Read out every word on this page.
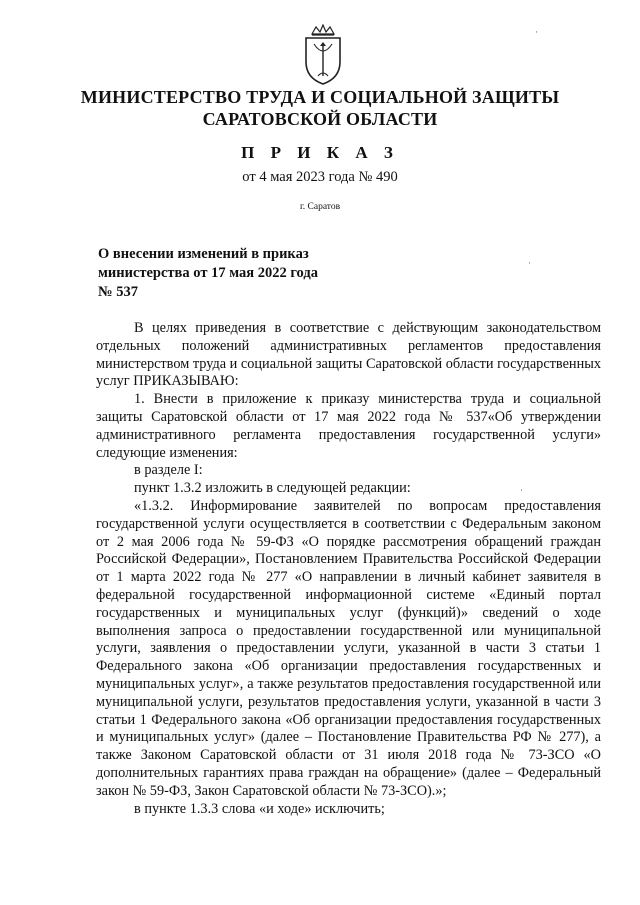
МИНИСТЕРСТВО ТРУДА И СОЦИАЛЬНОЙ ЗАЩИТЫ
САРАТОВСКОЙ ОБЛАСТИ
П Р И К А З
от 4 мая 2023 года № 490
г. Саратов
О внесении изменений в приказ
министерства от 17 мая 2022 года
№ 537

В целях приведения в соответствие с действующим законодательством отдельных положений административных регламентов предоставления министерством труда и социальной защиты Саратовской области государственных услуг ПРИКАЗЫВАЮ:

1. Внести в приложение к приказу министерства труда и социальной защиты Саратовской области от 17 мая 2022 года № 537«Об утверждении административного регламента предоставления государственной услуги» следующие изменения:

в разделе I:

пункт 1.3.2 изложить в следующей редакции:

«1.3.2. Информирование заявителей по вопросам предоставления государственной услуги осуществляется в соответствии с Федеральным законом от 2 мая 2006 года № 59-ФЗ «О порядке рассмотрения обращений граждан Российской Федерации», Постановлением Правительства Российской Федерации от 1 марта 2022 года № 277 «О направлении в личный кабинет заявителя в федеральной государственной информационной системе «Единый портал государственных и муниципальных услуг (функций)» сведений о ходе выполнения запроса о предоставлении государственной или муниципальной услуги, заявления о предоставлении услуги, указанной в части 3 статьи 1 Федерального закона «Об организации предоставления государственных и муниципальных услуг», а также результатов предоставления государственной или муниципальной услуги, результатов предоставления услуги, указанной в части 3 статьи 1 Федерального закона «Об организации предоставления государственных и муниципальных услуг» (далее – Постановление Правительства РФ № 277), а также Законом Саратовской области от 31 июля 2018 года № 73-ЗСО «О дополнительных гарантиях права граждан на обращение» (далее – Федеральный закон № 59-ФЗ, Закон Саратовской области № 73-ЗСО).»;

в пункте 1.3.3 слова «и ходе» исключить;

·
·
·
